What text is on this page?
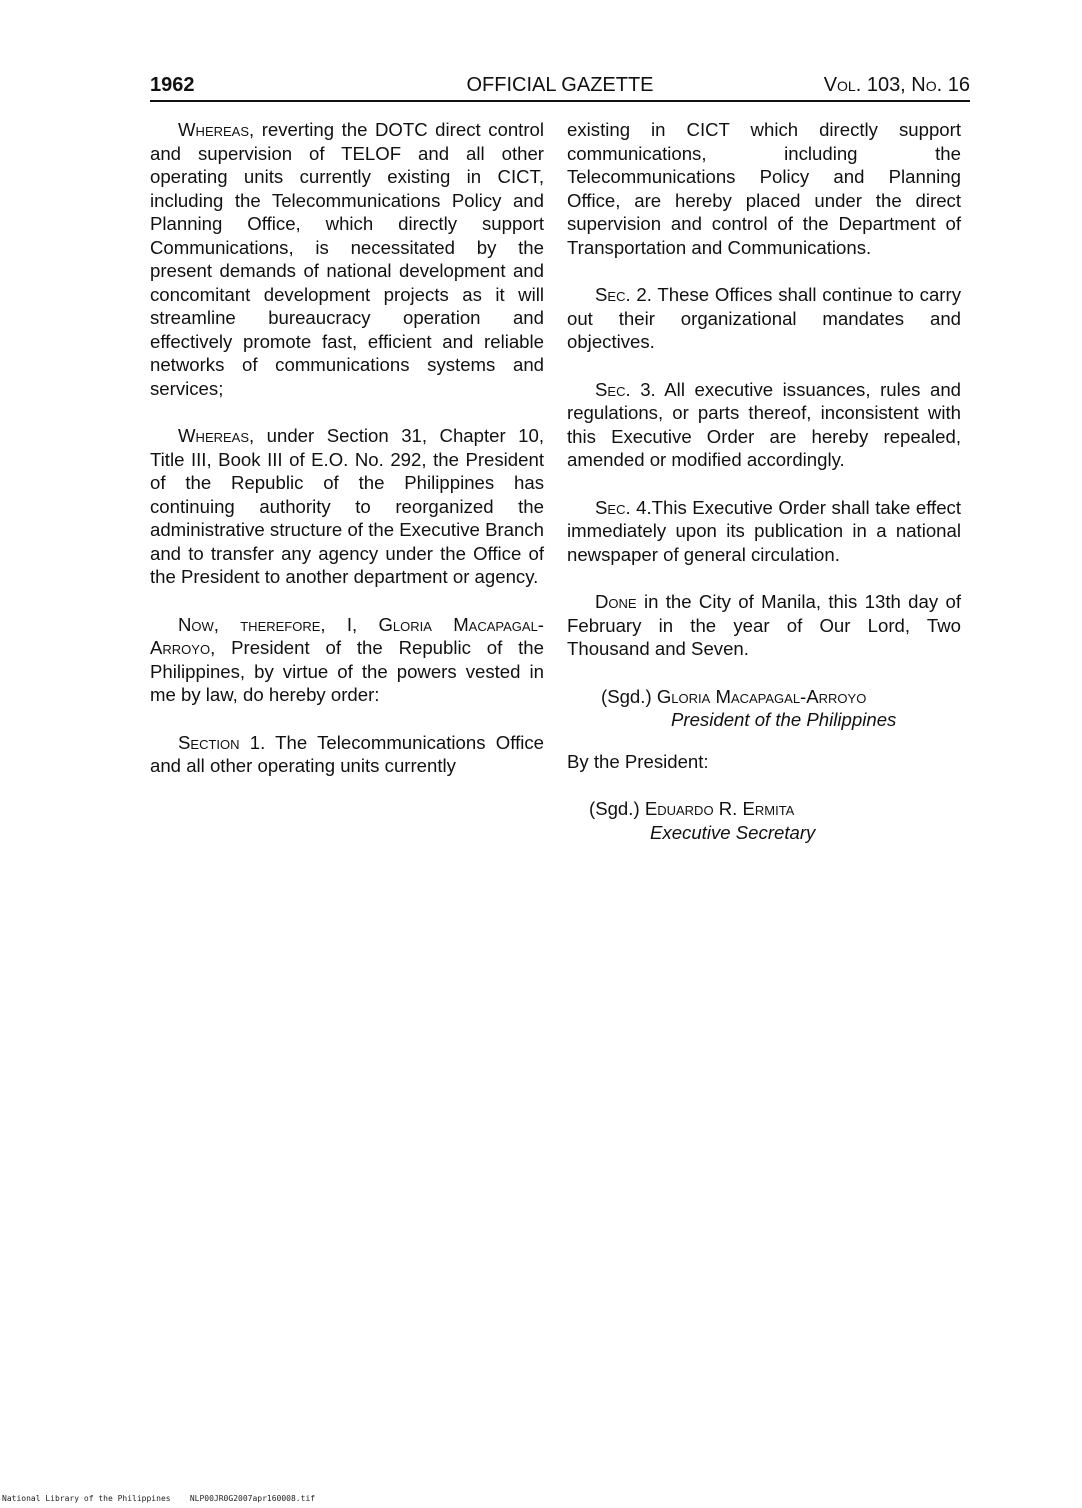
1962	OFFICIAL GAZETTE	Vol. 103, No. 16

Whereas, reverting the DOTC direct control and supervision of TELOF and all other operating units currently existing in CICT, including the Telecommunications Policy and Planning Office, which directly support Communications, is necessitated by the present demands of national development and concomitant development projects as it will streamline bureaucracy operation and effectively promote fast, efficient and reliable networks of communications systems and services;

Whereas, under Section 31, Chapter 10, Title III, Book III of E.O. No. 292, the President of the Republic of the Philippines has continuing authority to reorganized the administrative structure of the Executive Branch and to transfer any agency under the Office of the President to another department or agency.

Now, therefore, I, Gloria Macapagal-Arroyo, President of the Republic of the Philippines, by virtue of the powers vested in me by law, do hereby order:

Section 1. The Telecommunications Office and all other operating units currently

existing in CICT which directly support communications, including the Telecommunications Policy and Planning Office, are hereby placed under the direct supervision and control of the Department of Transportation and Communications.

Sec. 2. These Offices shall continue to carry out their organizational mandates and objectives.

Sec. 3. All executive issuances, rules and regulations, or parts thereof, inconsistent with this Executive Order are hereby repealed, amended or modified accordingly.

Sec. 4.This Executive Order shall take effect immediately upon its publication in a national newspaper of general circulation.

Done in the City of Manila, this 13th day of February in the year of Our Lord, Two Thousand and Seven.

(Sgd.) Gloria Macapagal-Arroyo
President of the Philippines

By the President:

(Sgd.) Eduardo R. Ermita
Executive Secretary
National Library of the Philippines NLP00JR0G2007apr160008.tif
